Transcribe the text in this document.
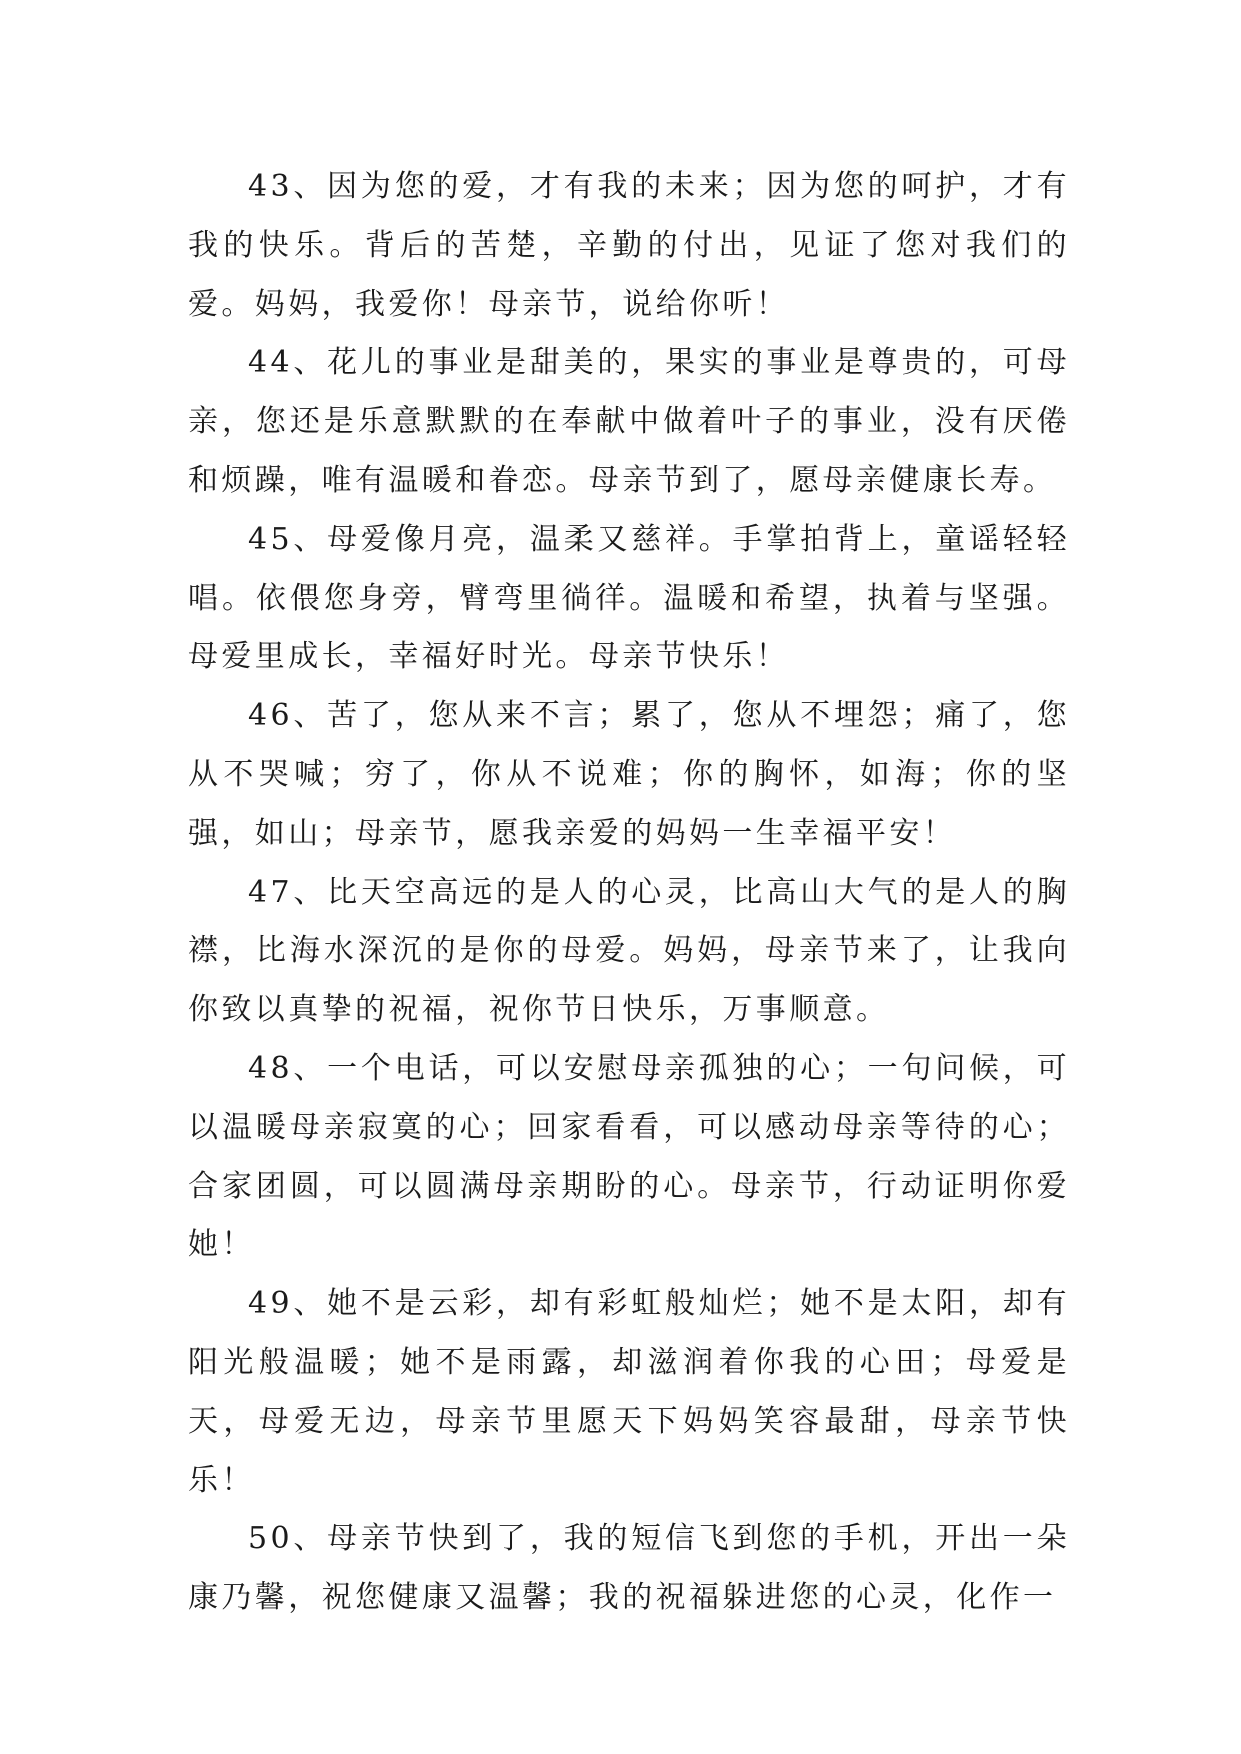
43、因为您的爱，才有我的未来；因为您的呵护，才有我的快乐。背后的苦楚，辛勤的付出，见证了您对我们的爱。妈妈，我爱你！母亲节，说给你听！

44、花儿的事业是甜美的，果实的事业是尊贵的，可母亲，您还是乐意默默的在奉献中做着叶子的事业，没有厌倦和烦躁，唯有温暖和眷恋。母亲节到了，愿母亲健康长寿。

45、母爱像月亮，温柔又慈祥。手掌拍背上，童谣轻轻唱。依偎您身旁，臂弯里徜徉。温暖和希望，执着与坚强。母爱里成长，幸福好时光。母亲节快乐！

46、苦了，您从来不言；累了，您从不埋怨；痛了，您从不哭喊；穷了，你从不说难；你的胸怀，如海；你的坚强，如山；母亲节，愿我亲爱的妈妈一生幸福平安！

47、比天空高远的是人的心灵，比高山大气的是人的胸襟，比海水深沉的是你的母爱。妈妈，母亲节来了，让我向你致以真挚的祝福，祝你节日快乐，万事顺意。

48、一个电话，可以安慰母亲孤独的心；一句问候，可以温暖母亲寂寞的心；回家看看，可以感动母亲等待的心；合家团圆，可以圆满母亲期盼的心。母亲节，行动证明你爱她！

49、她不是云彩，却有彩虹般灿烂；她不是太阳，却有阳光般温暖；她不是雨露，却滋润着你我的心田；母爱是天，母爱无边，母亲节里愿天下妈妈笑容最甜，母亲节快乐！

50、母亲节快到了，我的短信飞到您的手机，开出一朵康乃馨，祝您健康又温馨；我的祝福躲进您的心灵，化作一
